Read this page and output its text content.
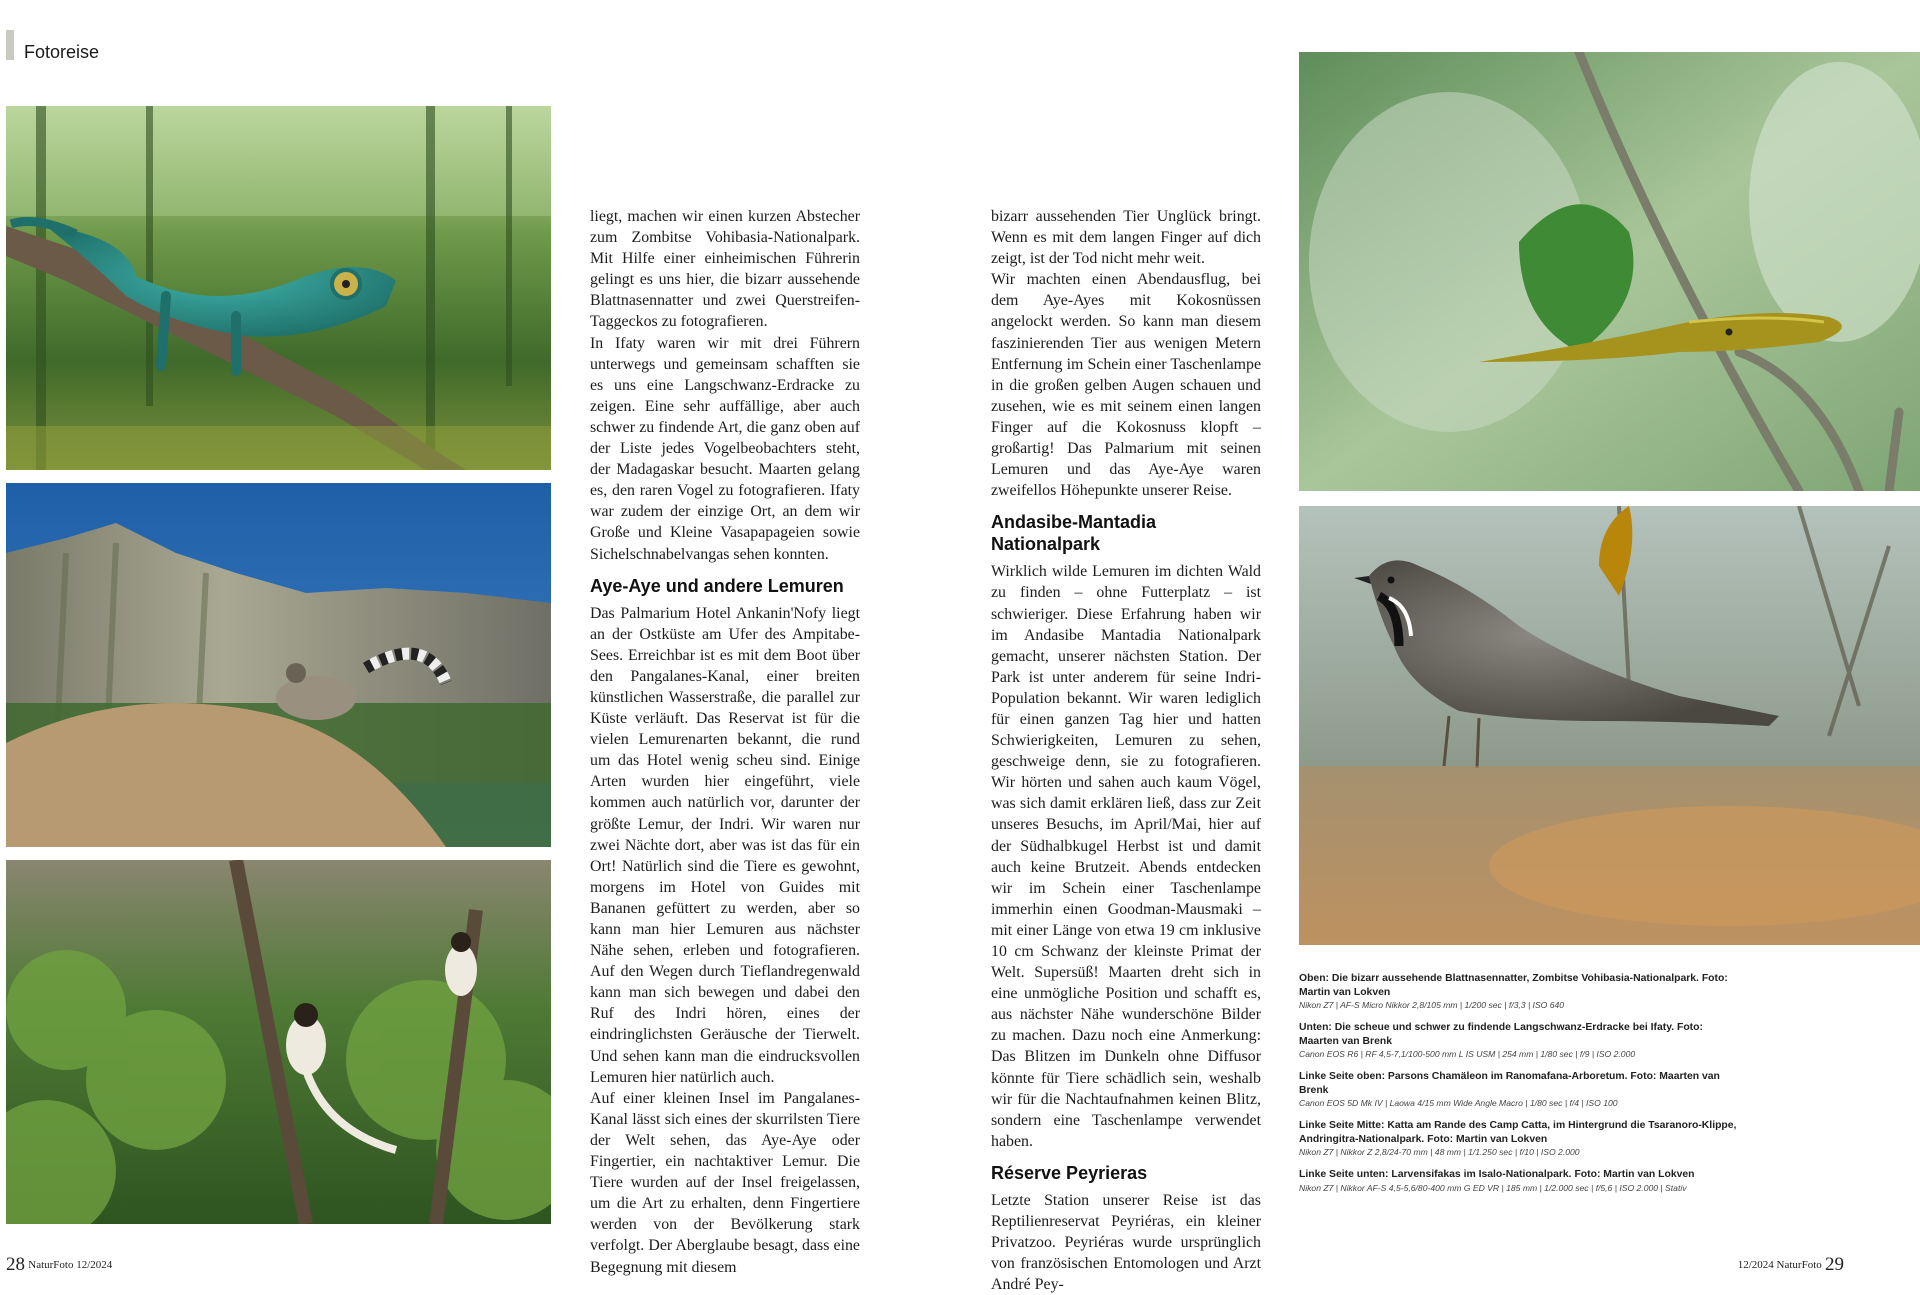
Fotoreise

liegt, machen wir einen kurzen Abstecher zum Zombitse Vohibasia-Nationalpark. Mit Hilfe einer einheimischen Führerin gelingt es uns hier, die bizarr aussehende Blattnasennatter und zwei Querstreifen-Taggeckos zu fotografieren.

In Ifaty waren wir mit drei Führern unterwegs und gemeinsam schafften sie es uns eine Langschwanz-Erdracke zu zeigen. Eine sehr auffällige, aber auch schwer zu findende Art, die ganz oben auf der Liste jedes Vogelbeobachters steht, der Madagaskar besucht. Maarten gelang es, den raren Vogel zu fotografieren. Ifaty war zudem der einzige Ort, an dem wir Große und Kleine Vasapapageien sowie Sichelschnabelvangas sehen konnten.

Aye-Aye und andere Lemuren

Das Palmarium Hotel Ankanin'Nofy liegt an der Ostküste am Ufer des Ampitabe-Sees. Erreichbar ist es mit dem Boot über den Pangalanes-Kanal, einer breiten künstlichen Wasserstraße, die parallel zur Küste verläuft. Das Reservat ist für die vielen Lemurenarten bekannt, die rund um das Hotel wenig scheu sind. Einige Arten wurden hier eingeführt, viele kommen auch natürlich vor, darunter der größte Lemur, der Indri. Wir waren nur zwei Nächte dort, aber was ist das für ein Ort! Natürlich sind die Tiere es gewohnt, morgens im Hotel von Guides mit Bananen gefüttert zu werden, aber so kann man hier Lemuren aus nächster Nähe sehen, erleben und fotografieren. Auf den Wegen durch Tieflandregenwald kann man sich bewegen und dabei den Ruf des Indri hören, eines der eindringlichsten Geräusche der Tierwelt. Und sehen kann man die eindrucksvollen Lemuren hier natürlich auch.

Auf einer kleinen Insel im Pangalanes-Kanal lässt sich eines der skurrilsten Tiere der Welt sehen, das Aye-Aye oder Fingertier, ein nachtaktiver Lemur. Die Tiere wurden auf der Insel freigelassen, um die Art zu erhalten, denn Fingertiere werden von der Bevölkerung stark verfolgt. Der Aberglaube besagt, dass eine Begegnung mit diesem

bizarr aussehenden Tier Unglück bringt. Wenn es mit dem langen Finger auf dich zeigt, ist der Tod nicht mehr weit.

Wir machten einen Abendausflug, bei dem Aye-Ayes mit Kokosnüssen angelockt werden. So kann man diesem faszinierenden Tier aus wenigen Metern Entfernung im Schein einer Taschenlampe in die großen gelben Augen schauen und zusehen, wie es mit seinem einen langen Finger auf die Kokosnuss klopft – großartig! Das Palmarium mit seinen Lemuren und das Aye-Aye waren zweifellos Höhepunkte unserer Reise.

Andasibe-Mantadia Nationalpark

Wirklich wilde Lemuren im dichten Wald zu finden – ohne Futterplatz – ist schwieriger. Diese Erfahrung haben wir im Andasibe Mantadia Nationalpark gemacht, unserer nächsten Station. Der Park ist unter anderem für seine Indri-Population bekannt. Wir waren lediglich für einen ganzen Tag hier und hatten Schwierigkeiten, Lemuren zu sehen, geschweige denn, sie zu fotografieren. Wir hörten und sahen auch kaum Vögel, was sich damit erklären ließ, dass zur Zeit unseres Besuchs, im April/Mai, hier auf der Südhalbkugel Herbst ist und damit auch keine Brutzeit. Abends entdecken wir im Schein einer Taschenlampe immerhin einen Goodman-Mausmaki – mit einer Länge von etwa 19 cm inklusive 10 cm Schwanz der kleinste Primat der Welt. Supersüß! Maarten dreht sich in eine unmögliche Position und schafft es, aus nächster Nähe wunderschöne Bilder zu machen. Dazu noch eine Anmerkung: Das Blitzen im Dunkeln ohne Diffusor könnte für Tiere schädlich sein, weshalb wir für die Nachtaufnahmen keinen Blitz, sondern eine Taschenlampe verwendet haben.

Réserve Peyrieras

Letzte Station unserer Reise ist das Reptilienreservat Peyriéras, ein kleiner Privatzoo. Peyriéras wurde ursprünglich von französischen Entomologen und Arzt André Pey-

Oben: Die bizarr aussehende Blattnasennatter, Zombitse Vohibasia-Nationalpark. Foto: Martin van Lokven
Nikon Z7 | AF-S Micro Nikkor 2,8/105 mm | 1/200 sec | f/3,3 | ISO 640
Unten: Die scheue und schwer zu findende Langschwanz-Erdracke bei Ifaty. Foto: Maarten van Brenk
Canon EOS R6 | RF 4,5-7,1/100-500 mm L IS USM | 254 mm | 1/80 sec | f/9 | ISO 2.000
Linke Seite oben: Parsons Chamäleon im Ranomafana-Arboretum. Foto: Maarten van Brenk
Canon EOS 5D Mk IV | Laowa 4/15 mm Wide Angle Macro | 1/80 sec | f/4 | ISO 100
Linke Seite Mitte: Katta am Rande des Camp Catta, im Hintergrund die Tsaranoro-Klippe, Andringitra-Nationalpark. Foto: Martin van Lokven
Nikon Z7 | Nikkor Z 2,8/24-70 mm | 48 mm | 1/1.250 sec | f/10 | ISO 2.000
Linke Seite unten: Larvensifakas im Isalo-Nationalpark. Foto: Martin van Lokven
Nikon Z7 | Nikkor AF-S 4,5-5,6/80-400 mm G ED VR | 185 mm | 1/2.000 sec | f/5,6 | ISO 2.000 | Stativ
28 NaturFoto 12/2024	12/2024 NaturFoto 29
